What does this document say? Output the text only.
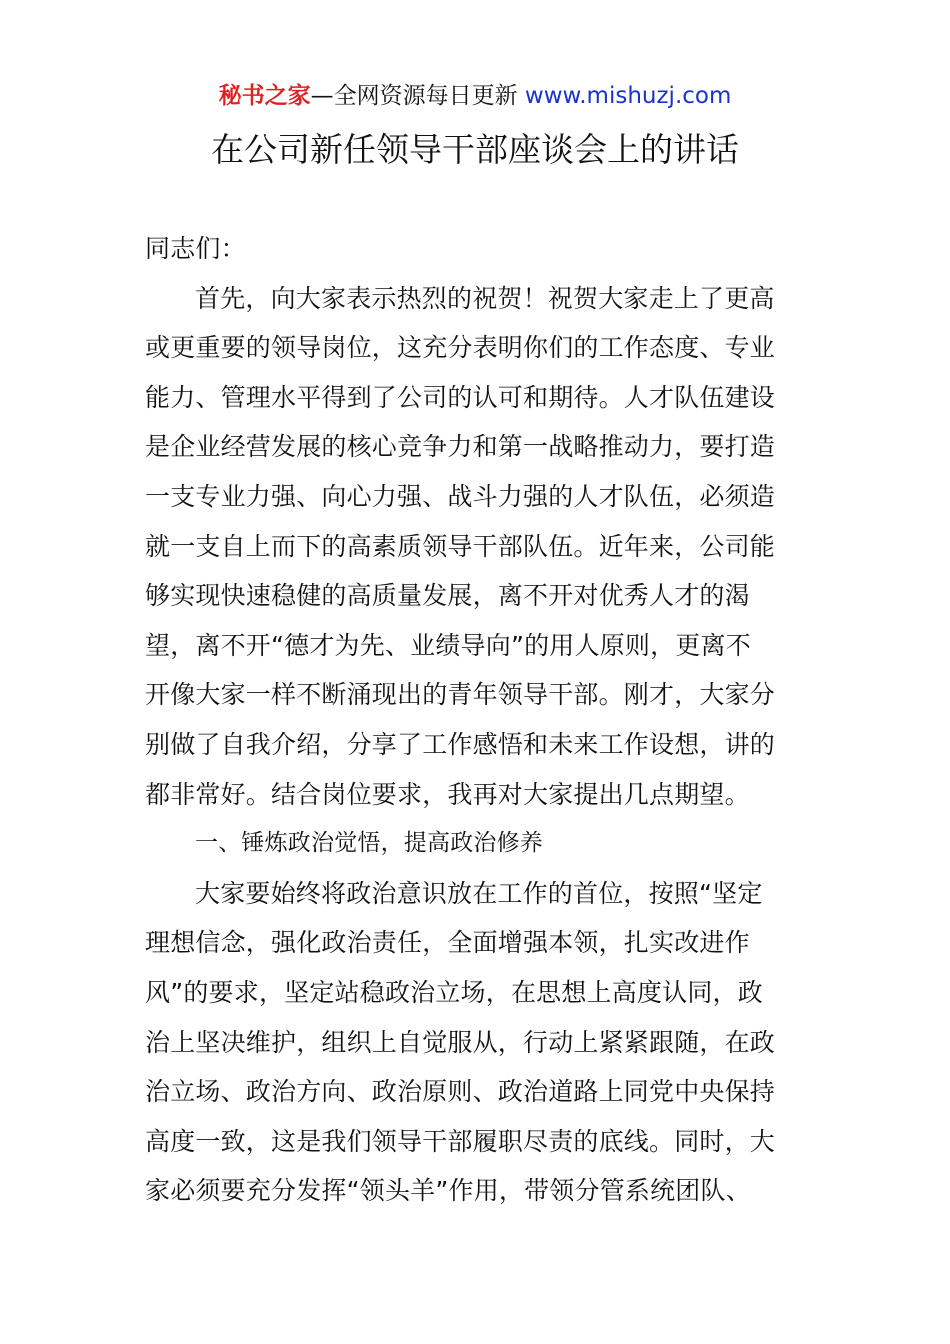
秘书之家—全网资源每日更新 www.mishuzj.com
在公司新任领导干部座谈会上的讲话
同志们：
首先，向大家表示热烈的祝贺！祝贺大家走上了更高
或更重要的领导岗位，这充分表明你们的工作态度、专业
能力、管理水平得到了公司的认可和期待。人才队伍建设
是企业经营发展的核心竞争力和第一战略推动力，要打造
一支专业力强、向心力强、战斗力强的人才队伍，必须造
就一支自上而下的高素质领导干部队伍。近年来，公司能
够实现快速稳健的高质量发展，离不开对优秀人才的渴
望，离不开“德才为先、业绩导向”的用人原则，更离不
开像大家一样不断涌现出的青年领导干部。刚才，大家分
别做了自我介绍，分享了工作感悟和未来工作设想，讲的
都非常好。结合岗位要求，我再对大家提出几点期望。
一、锤炼政治觉悟，提高政治修养
大家要始终将政治意识放在工作的首位，按照“坚定
理想信念，强化政治责任，全面增强本领，扎实改进作
风”的要求，坚定站稳政治立场，在思想上高度认同，政
治上坚决维护，组织上自觉服从，行动上紧紧跟随，在政
治立场、政治方向、政治原则、政治道路上同党中央保持
高度一致，这是我们领导干部履职尽责的底线。同时，大
家必须要充分发挥“领头羊”作用，带领分管系统团队、
